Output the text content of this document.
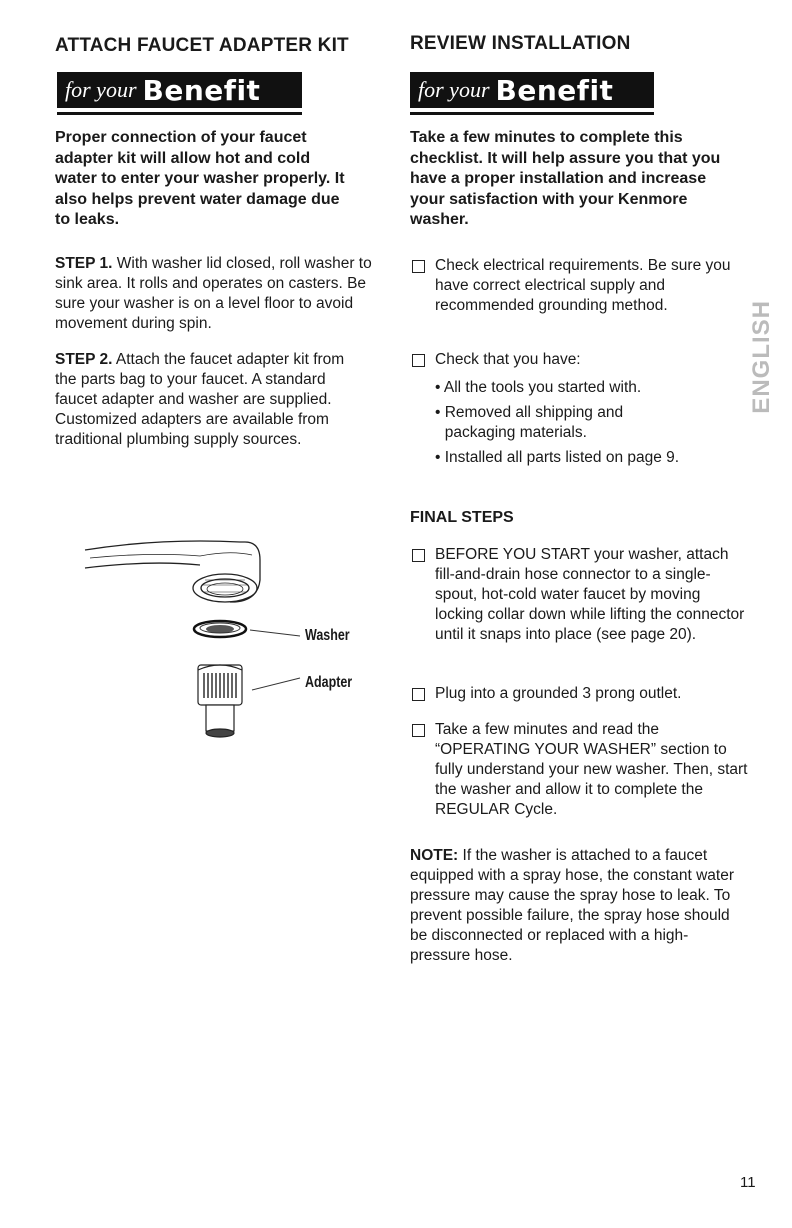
ATTACH FAUCET ADAPTER KIT
for your Benefit
Proper connection of your faucet adapter kit will allow hot and cold water to enter your washer properly. It also helps prevent water damage due to leaks.
STEP 1. With washer lid closed, roll washer to sink area. It rolls and operates on casters. Be sure your washer is on a level floor to avoid movement during spin.
STEP 2. Attach the faucet adapter kit from the parts bag to your faucet. A standard faucet adapter and washer are supplied. Customized adapters are available from traditional plumbing supply sources.
Washer
Adapter
REVIEW INSTALLATION
for your Benefit
Take a few minutes to complete this checklist. It will help assure you that you have a proper installation and increase your satisfaction with your Kenmore washer.
Check electrical requirements. Be sure you have correct electrical supply and recommended grounding method.
Check that you have:
• All the tools you started with.
• Removed all shipping and packaging materials.
• Installed all parts listed on page 9.
FINAL STEPS
BEFORE YOU START your washer, attach fill-and-drain hose connector to a single-spout, hot-cold water faucet by moving locking collar down while lifting the connector until it snaps into place (see page 20).
Plug into a grounded 3 prong outlet.
Take a few minutes and read the “OPERATING YOUR WASHER” section to fully understand your new washer. Then, start the washer and allow it to complete the REGULAR Cycle.
NOTE: If the washer is attached to a faucet equipped with a spray hose, the constant water pressure may cause the spray hose to leak. To prevent possible failure, the spray hose should be disconnected or replaced with a high-pressure hose.
ENGLISH
11
